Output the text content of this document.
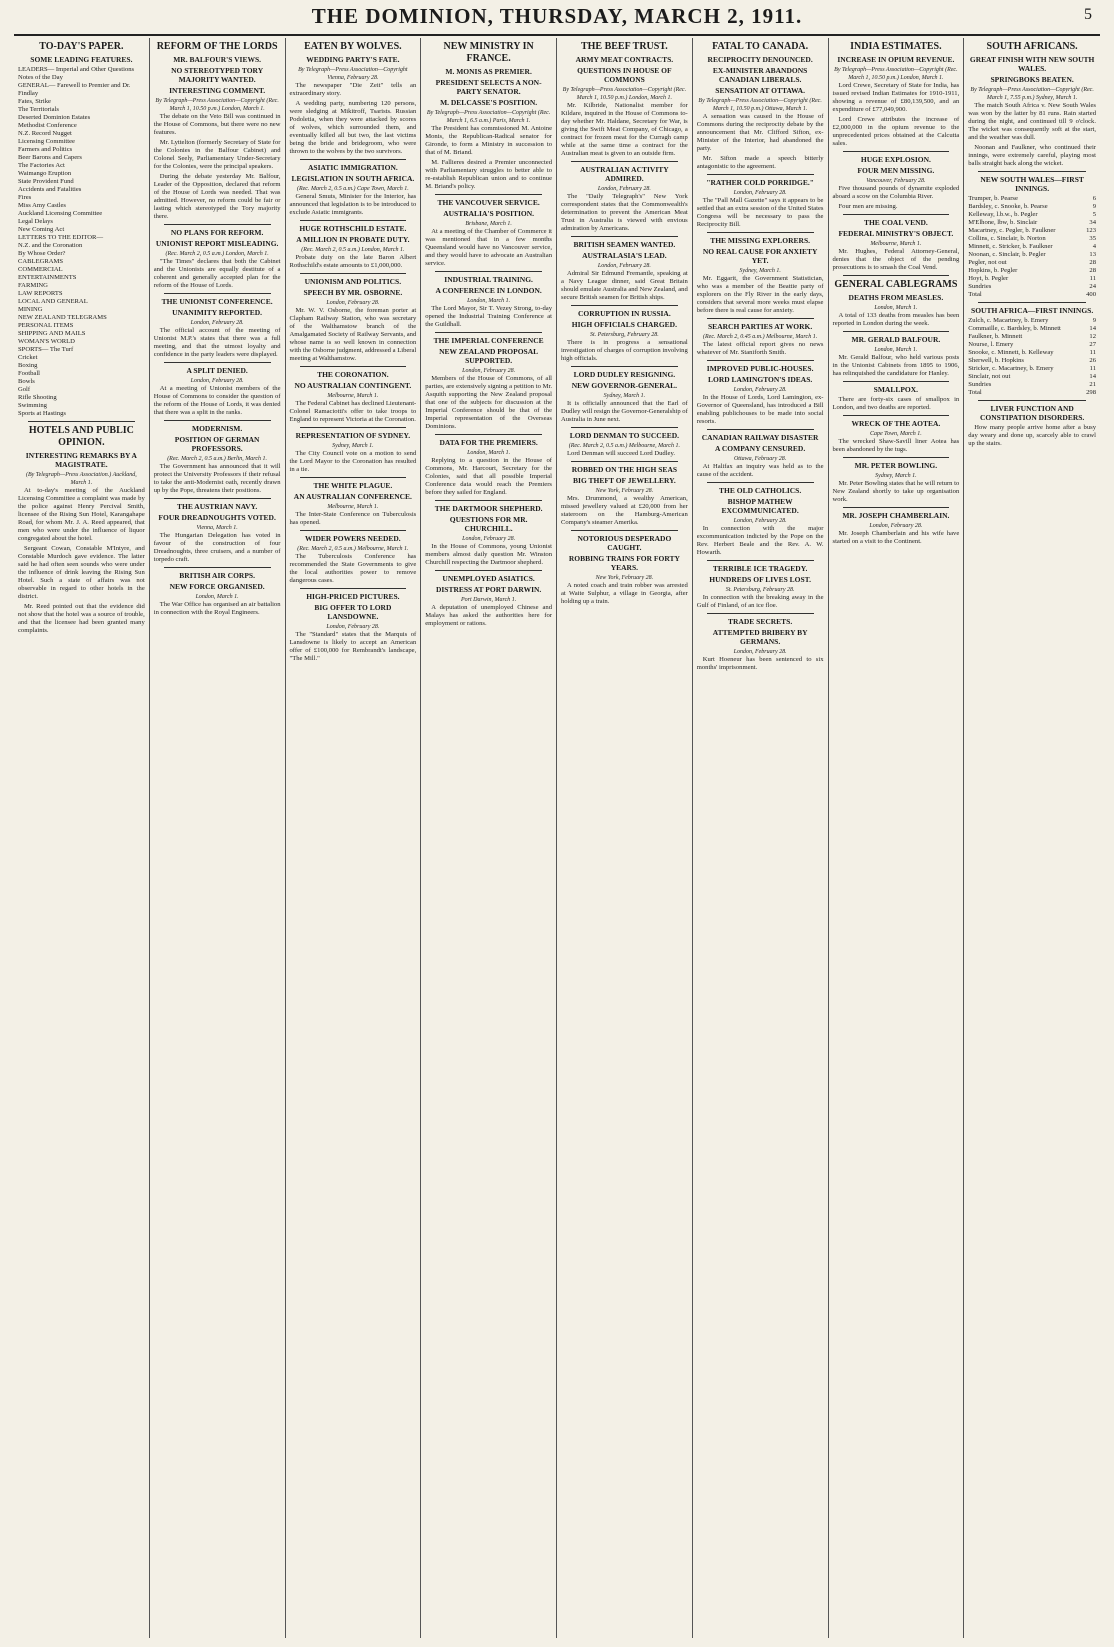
THE DOMINION, THURSDAY, MARCH 2, 1911.	5
TO-DAY'S PAPER.
SOME LEADING FEATURES.
LEADERS— Imperial and Other Questions
Notes of the Day
GENERAL— Farewell to Premier and Dr. Findlay
Fates, Strike
The Territorials
Deserted Dominion Estates
Methodist Conference
N.Z. Record Nugget
Licensing Committee
Farmers and Politics
Beer Barons and Capers
The Factories Act
Waimango Eruption
State Provident Fund
Accidents and Fatalities
Fires
Miss Amy Castles
Auckland Licensing Committee
Legal Delays
New Coming Act
LETTERS TO THE EDITOR—
N.Z. and the Coronation
By Whose Order?
CABLEGRAMS
COMMERCIAL
ENTERTAINMENTS
FARMING
LAW REPORTS
LOCAL AND GENERAL
MINING
NEW ZEALAND TELEGRAMS
PERSONAL ITEMS
SHIPPING AND MAILS
WOMAN'S WORLD
SPORTS— The Turf
Cricket
Boxing
Football
Bowls
Golf
Rifle Shooting
Swimming
Sports at Hastings
HOTELS AND PUBLIC OPINION.
INTERESTING REMARKS BY A MAGISTRATE.
(By Telegraph—Press Association.) Auckland, March 1.

At to-day's meeting of the Auckland Licensing Committee a complaint was made by the police against Henry Percival Smith, licensee of the Rising Sun Hotel, Karangahape Road, for whom Mr. J. A. Reed appeared, that men who were under the influence of liquor congregated about the hotel.

Sergeant Cowan, Constable M'Intyre, and Constable Murdoch gave evidence. The latter said he had often seen sounds who were under the influence of drink leaving the Rising Sun Hotel. Such a state of affairs was not observable in regard to other hotels in the district.

Mr. Reed pointed out that the evidence did not show that the hotel was a source of trouble, and that the licensee had been granted many complaints.

REFORM OF THE LORDS
MR. BALFOUR'S VIEWS.
NO STEREOTYPED TORY MAJORITY WANTED.
INTERESTING COMMENT.
By Telegraph—Press Association—Copyright (Rec. March 1, 10.50 p.m.) London, March 1.

The debate on the Veto Bill was continued in the House of Commons, but there were no new features.

Mr. Lyttelton (formerly Secretary of State for the Colonies in the Balfour Cabinet) and Colonel Seely, Parliamentary Under-Secretary for the Colonies, were the principal speakers.

During the debate yesterday Mr. Balfour, Leader of the Opposition, declared that reform of the House of Lords was needed. That was admitted. However, no reform could be fair or lasting which stereotyped the Tory majority there.

NO PLANS FOR REFORM.
UNIONIST REPORT MISLEADING.
(Rec. March 2, 0.5 a.m.) London, March 1.

"The Times" declares that both the Cabinet and the Unionists are equally destitute of a coherent and generally accepted plan for the reform of the House of Lords.

THE UNIONIST CONFERENCE.
UNANIMITY REPORTED.
London, February 28.

The official account of the meeting of Unionist M.P.'s states that there was a full meeting, and that the utmost loyalty and confidence in the party leaders were displayed.

A SPLIT DENIED.
London, February 28.

At a meeting of Unionist members of the House of Commons to consider the question of the reform of the House of Lords, it was denied that there was a split in the ranks.

MODERNISM.
POSITION OF GERMAN PROFESSORS.
(Rec. March 2, 0.5 a.m.) Berlin, March 1.

The Government has announced that it will protect the University Professors if their refusal to take the anti-Modernist oath, recently drawn up by the Pope, threatens their positions.

THE AUSTRIAN NAVY.
FOUR DREADNOUGHTS VOTED.
Vienna, March 1.

The Hungarian Delegation has voted in favour of the construction of four Dreadnoughts, three cruisers, and a number of torpedo craft.

BRITISH AIR CORPS.
NEW FORCE ORGANISED.
London, March 1.

The War Office has organised an air battalion in connection with the Royal Engineers.

EATEN BY WOLVES.
WEDDING PARTY'S FATE.
By Telegraph—Press Association—Copyright Vienna, February 28.

The newspaper "Die Zeit" tells an extraordinary story.

A wedding party, numbering 120 persons, were sledging at Mikitroff, Tsarists. Russian Podoletia, when they were attacked by scores of wolves, which surrounded them, and eventually killed all but two, the last victims being the bride and bridegroom, who were thrown to the wolves by the two survivors.

ASIATIC IMMIGRATION.
LEGISLATION IN SOUTH AFRICA.
(Rec. March 2, 0.5 a.m.) Cape Town, March 1.

General Smuts, Minister for the Interior, has announced that legislation is to be introduced to exclude Asiatic immigrants.

HUGE ROTHSCHILD ESTATE.
A MILLION IN PROBATE DUTY.
(Rec. March 2, 0.5 a.m.) London, March 1.

Probate duty on the late Baron Albert Rothschild's estate amounts to £1,000,000.

UNIONISM AND POLITICS.
SPEECH BY MR. OSBORNE.
London, February 28.

Mr. W. V. Osborne, the foreman porter at Clapham Railway Station, who was secretary of the Walthamstow branch of the Amalgamated Society of Railway Servants, and whose name is so well known in connection with the Osborne judgment, addressed a Liberal meeting at Walthamstow.

THE CORONATION.
NO AUSTRALIAN CONTINGENT.
Melbourne, March 1.

The Federal Cabinet has declined Lieutenant-Colonel Ramaciotti's offer to take troops to England to represent Victoria at the Coronation.

REPRESENTATION OF SYDNEY.
Sydney, March 1.

The City Council vote on a motion to send the Lord Mayor to the Coronation has resulted in a tie.

THE WHITE PLAGUE.
AN AUSTRALIAN CONFERENCE.
Melbourne, March 1.

The Inter-State Conference on Tuberculosis has opened.

WIDER POWERS NEEDED.
(Rec. March 2, 0.5 a.m.) Melbourne, March 1.

The Tuberculosis Conference has recommended the State Governments to give the local authorities power to remove dangerous cases.

HIGH-PRICED PICTURES.
BIG OFFER TO LORD LANSDOWNE.
London, February 28.

The "Standard" states that the Marquis of Lansdowne is likely to accept an American offer of £100,000 for Rembrandt's landscape, "The Mill."

NEW MINISTRY IN FRANCE.
M. MONIS AS PREMIER.
PRESIDENT SELECTS A NON-PARTY SENATOR.
M. DELCASSE'S POSITION.
By Telegraph—Press Association—Copyright (Rec. March 1, 6.5 a.m.) Paris, March 1.

The President has commissioned M. Antoine Monis, the Republican-Radical senator for Gironde, to form a Ministry in succession to that of M. Briand.

M. Fallieres desired a Premier unconnected with Parliamentary struggles to better able to re-establish Republican union and to continue M. Briand's policy.

THE VANCOUVER SERVICE.
AUSTRALIA'S POSITION.
Brisbane, March 1.

At a meeting of the Chamber of Commerce it was mentioned that in a few months Queensland would have no Vancouver service, and they would have to advocate an Australian service.

INDUSTRIAL TRAINING.
A CONFERENCE IN LONDON.
London, March 1.

The Lord Mayor, Sir T. Vezey Strong, to-day opened the Industrial Training Conference at the Guildhall.

THE IMPERIAL CONFERENCE
NEW ZEALAND PROPOSAL SUPPORTED.
London, February 28.

Members of the House of Commons, of all parties, are extensively signing a petition to Mr. Asquith supporting the New Zealand proposal that one of the subjects for discussion at the Imperial Conference should be that of the Imperial representation of the Overseas Dominions.

DATA FOR THE PREMIERS.
London, March 1.

Replying to a question in the House of Commons, Mr. Harcourt, Secretary for the Colonies, said that all possible Imperial Conference data would reach the Premiers before they sailed for England.

THE DARTMOOR SHEPHERD.
QUESTIONS FOR MR. CHURCHILL.
London, February 28.

In the House of Commons, young Unionist members almost daily question Mr. Winston Churchill respecting the Dartmoor shepherd.

UNEMPLOYED ASIATICS.
DISTRESS AT PORT DARWIN.
Port Darwin, March 1.

A deputation of unemployed Chinese and Malays has asked the authorities here for employment or rations.

THE BEEF TRUST.
ARMY MEAT CONTRACTS.
QUESTIONS IN HOUSE OF COMMONS
By Telegraph—Press Association—Copyright (Rec. March 1, 10.50 p.m.) London, March 1.

Mr. Kilbride, Nationalist member for Kildare, inquired in the House of Commons to-day whether Mr. Haldane, Secretary for War, is giving the Swift Meat Company, of Chicago, a contract for frozen meat for the Curragh camp while at the same time a contract for the Australian meat is given to an outside firm.

AUSTRALIAN ACTIVITY ADMIRED.
London, February 28.

The "Daily Telegraph's" New York correspondent states that the Commonwealth's determination to prevent the American Meat Trust in Australia is viewed with envious admiration by Americans.

BRITISH SEAMEN WANTED.
AUSTRALASIA'S LEAD.
London, February 28.

Admiral Sir Edmund Fremantle, speaking at a Navy League dinner, said Great Britain should emulate Australia and New Zealand, and secure British seamen for British ships.

CORRUPTION IN RUSSIA.
HIGH OFFICIALS CHARGED.
St. Petersburg, February 28.

There is in progress a sensational investigation of charges of corruption involving high officials.

LORD DUDLEY RESIGNING.
NEW GOVERNOR-GENERAL.
Sydney, March 1.

It is officially announced that the Earl of Dudley will resign the Governor-Generalship of Australia in June next.

LORD DENMAN TO SUCCEED.
(Rec. March 2, 0.5 a.m.) Melbourne, March 1.

Lord Denman will succeed Lord Dudley.

ROBBED ON THE HIGH SEAS
BIG THEFT OF JEWELLERY.
New York, February 28.

Mrs. Drummond, a wealthy American, missed jewellery valued at £20,000 from her stateroom on the Hamburg-American Company's steamer Amerika.

NOTORIOUS DESPERADO CAUGHT.
ROBBING TRAINS FOR FORTY YEARS.
New York, February 28.

A noted coach and train robber was arrested at Waite Sulphur, a village in Georgia, after holding up a train.

FATAL TO CANADA.
RECIPROCITY DENOUNCED.
EX-MINISTER ABANDONS CANADIAN LIBERALS.
SENSATION AT OTTAWA.
By Telegraph—Press Association—Copyright (Rec. March 1, 10.50 p.m.) Ottawa, March 1.

A sensation was caused in the House of Commons during the reciprocity debate by the announcement that Mr. Clifford Sifton, ex-Minister of the Interior, had abandoned the party.

Mr. Sifton made a speech bitterly antagonistic to the agreement.

"RATHER COLD PORRIDGE."
London, February 28.

The "Pall Mall Gazette" says it appears to be settled that an extra session of the United States Congress will be necessary to pass the Reciprocity Bill.

THE MISSING EXPLORERS.
NO REAL CAUSE FOR ANXIETY YET.
Sydney, March 1.

Mr. Eggarit, the Government Statistician, who was a member of the Beattie party of explorers on the Fly River in the early days, considers that several more weeks must elapse before there is real cause for anxiety.

SEARCH PARTIES AT WORK.
(Rec. March 2, 0.45 a.m.) Melbourne, March 1.

The latest official report gives no news whatever of Mr. Staniforth Smith.

IMPROVED PUBLIC-HOUSES.
LORD LAMINGTON'S IDEAS.
London, February 28.

In the House of Lords, Lord Lamington, ex-Governor of Queensland, has introduced a Bill enabling publichouses to be made into social resorts.

CANADIAN RAILWAY DISASTER
A COMPANY CENSURED.
Ottawa, February 28.

At Halifax an inquiry was held as to the cause of the accident.

THE OLD CATHOLICS.
BISHOP MATHEW EXCOMMUNICATED.
London, February 28.

In connection with the major excommunication indicted by the Pope on the Rev. Herbert Beale and the Rev. A. W. Howarth.

TERRIBLE ICE TRAGEDY.
HUNDREDS OF LIVES LOST.
St. Petersburg, February 28.

In connection with the breaking away in the Gulf of Finland, of an ice floe.

TRADE SECRETS.
ATTEMPTED BRIBERY BY GERMANS.
London, February 28.

Kurt Hoeneur has been sentenced to six months' imprisonment.

INDIA ESTIMATES.
INCREASE IN OPIUM REVENUE.
By Telegraph—Press Association—Copyright (Rec. March 1, 10.50 p.m.) London, March 1.

Lord Crewe, Secretary of State for India, has issued revised Indian Estimates for 1910-1911, showing a revenue of £80,139,500, and an expenditure of £77,049,900.

Lord Crewe attributes the increase of £2,000,000 in the opium revenue to the unprecedented prices obtained at the Calcutta sales.

HUGE EXPLOSION.
FOUR MEN MISSING.
Vancouver, February 28.

Five thousand pounds of dynamite exploded aboard a scow on the Columbia River.

Four men are missing.

THE COAL VEND.
FEDERAL MINISTRY'S OBJECT.
Melbourne, March 1.

Mr. Hughes, Federal Attorney-General, denies that the object of the pending prosecutions is to smash the Coal Vend.

GENERAL CABLEGRAMS
DEATHS FROM MEASLES.
London, March 1.

A total of 133 deaths from measles has been reported in London during the week.

MR. GERALD BALFOUR.
London, March 1.

Mr. Gerald Balfour, who held various posts in the Unionist Cabinets from 1895 to 1906, has relinquished the candidature for Hanley.

SMALLPOX.

There are forty-six cases of smallpox in London, and two deaths are reported.

WRECK OF THE AOTEA.
Cape Town, March 1.

The wrecked Shaw-Savill liner Aotea has been abandoned by the tugs.

MR. PETER BOWLING.
Sydney, March 1.

Mr. Peter Bowling states that he will return to New Zealand shortly to take up organisation work.

MR. JOSEPH CHAMBERLAIN.
London, February 28.

Mr. Joseph Chamberlain and his wife have started on a visit to the Continent.

SOUTH AFRICANS.
GREAT FINISH WITH NEW SOUTH WALES.
SPRINGBOKS BEATEN.
By Telegraph—Press Association—Copyright (Rec. March 1, 7.55 p.m.) Sydney, March 1.

The match South Africa v. New South Wales was won by the latter by 81 runs. Rain started during the night, and continued till 9 o'clock. The wicket was consequently soft at the start, and the weather was dull.

Noonan and Faulkner, who continued their innings, were extremely careful, playing most balls straight back along the wicket.

NEW SOUTH WALES—FIRST INNINGS.
Trumper, b. Pearse	6
Bardsley, c. Snooke, b. Pearse	9
Kelleway, l.b.w., b. Pegler	5
M'Elhone, lbw, b. Sinclair	34
Macartney, c. Pegler, b. Faulkner	123
Collins, c. Sinclair, b. Norton	35
Minnett, c. Stricker, b. Faulkner	4
Noonan, c. Sinclair, b. Pegler	13
Pegler, not out	28
Hopkins, b. Pegler	28
Hoyt, b. Pegler	11
Sundries	24
Total	400
SOUTH AFRICA—FIRST INNINGS.
Zulch, c. Macartney, b. Emery	9
Commaille, c. Bardsley, b. Minnett	14
Faulkner, b. Minnett	12
Nourse, l. Emery	27
Snooke, c. Minnett, b. Kelleway	11
Sherwell, b. Hopkins	26
Stricker, c. Macartney, b. Emery	11
Sinclair, not out	14
Sundries	21
Total	298
LIVER FUNCTION AND CONSTIPATION DISORDERS.

How many people arrive home after a busy day weary and done up, scarcely able to crawl up the stairs.
